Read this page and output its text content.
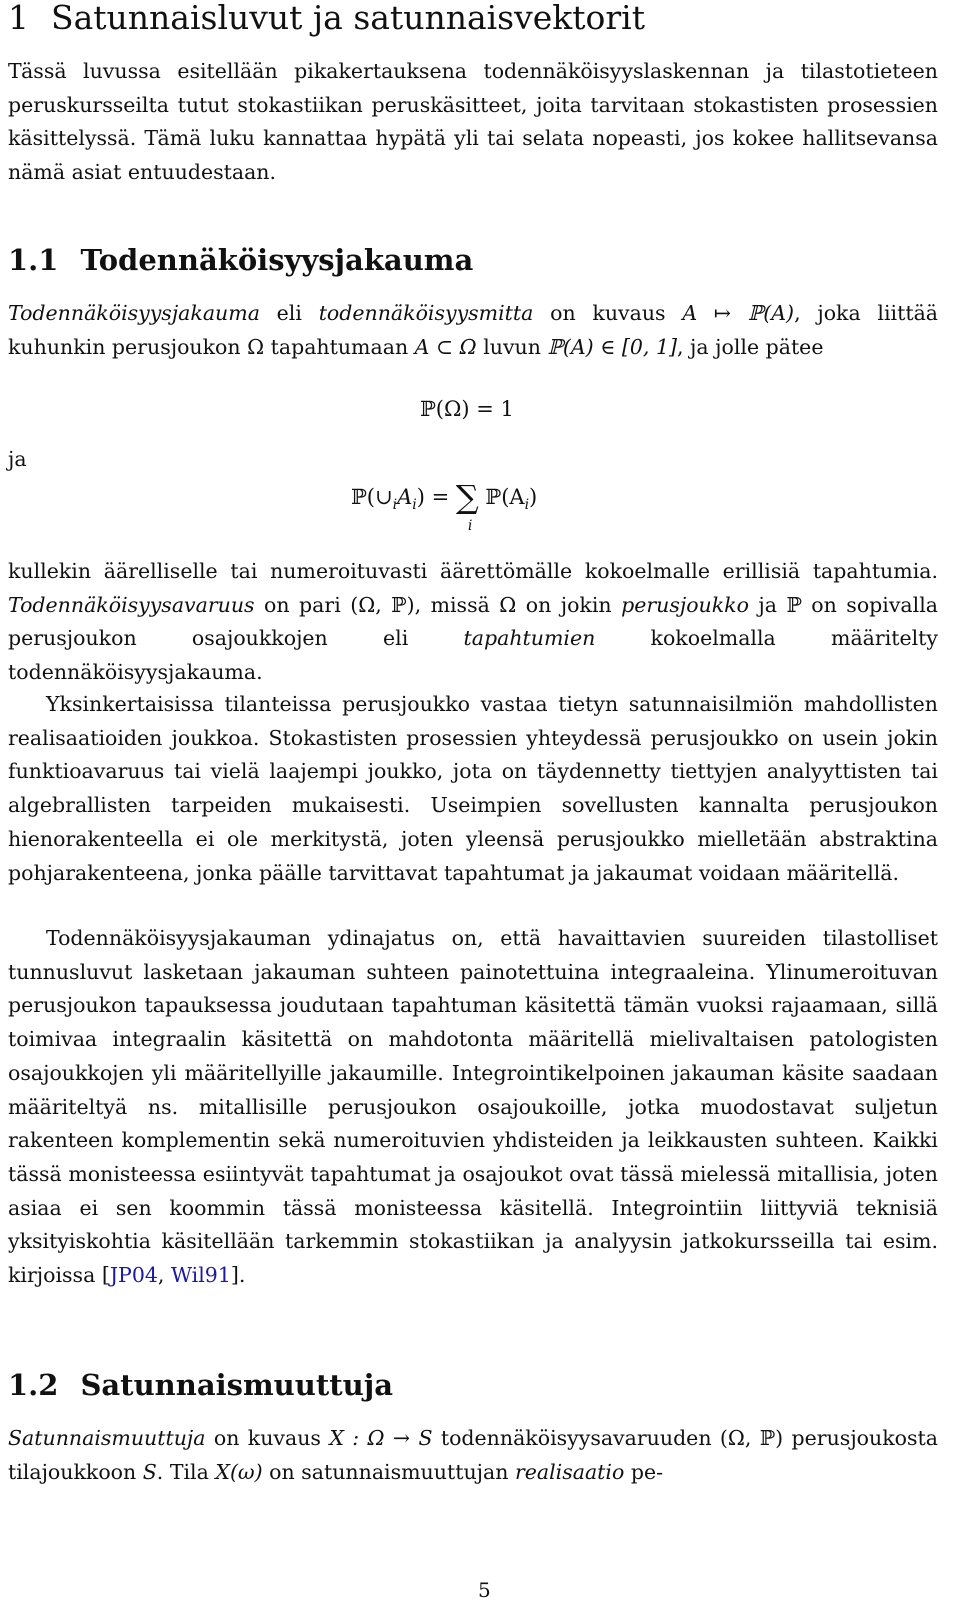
1 Satunnaisluvut ja satunnaisvektorit

Tässä luvussa esitellään pikakertauksena todennäköisyyslaskennan ja tilastotieteen peruskursseilta tutut stokastiikan peruskäsitteet, joita tarvitaan stokastisten prosessien käsittelyssä. Tämä luku kannattaa hypätä yli tai selata nopeasti, jos kokee hallitsevansa nämä asiat entuudestaan.

1.1 Todennäköisyysjakauma

Todennäköisyysjakauma eli todennäköisyysmitta on kuvaus A ↦ ℙ(A), joka liittää kuhunkin perusjoukon Ω tapahtumaan A ⊂ Ω luvun ℙ(A) ∈ [0, 1], ja jolle pätee

ℙ(Ω) = 1
ja
$ℙ(\cup_iA_i)$ = ∑
i
$ℙ(A_i)$

kullekin äärelliselle tai numeroituvasti äärettömälle kokoelmalle erillisiä tapahtumia. Todennäköisyysavaruus on pari (Ω, ℙ), missä Ω on jokin perusjoukko ja ℙ on sopivalla perusjoukon osajoukkojen eli tapahtumien kokoelmalla määritelty todennäköisyysjakauma.

Yksinkertaisissa tilanteissa perusjoukko vastaa tietyn satunnaisilmiön mahdollisten realisaatioiden joukkoa. Stokastisten prosessien yhteydessä perusjoukko on usein jokin funktioavaruus tai vielä laajempi joukko, jota on täydennetty tiettyjen analyyttisten tai algebrallisten tarpeiden mukaisesti. Useimpien sovellusten kannalta perusjoukon hienorakenteella ei ole merkitystä, joten yleensä perusjoukko mielletään abstraktina pohjarakenteena, jonka päälle tarvittavat tapahtumat ja jakaumat voidaan määritellä.

Todennäköisyysjakauman ydinajatus on, että havaittavien suureiden tilastolliset tunnusluvut lasketaan jakauman suhteen painotettuina integraaleina. Ylinumeroituvan perusjoukon tapauksessa joudutaan tapahtuman käsitettä tämän vuoksi rajaamaan, sillä toimivaa integraalin käsitettä on mahdotonta määritellä mielivaltaisen patologisten osajoukkojen yli määritellyille jakaumille. Integrointikelpoinen jakauman käsite saadaan määriteltyä ns. mitallisille perusjoukon osajoukoille, jotka muodostavat suljetun rakenteen komplementin sekä numeroituvien yhdisteiden ja leikkausten suhteen. Kaikki tässä monisteessa esiintyvät tapahtumat ja osajoukot ovat tässä mielessä mitallisia, joten asiaa ei sen koommin tässä monisteessa käsitellä. Integrointiin liittyviä teknisiä yksityiskohtia käsitellään tarkemmin stokastiikan ja analyysin jatkokursseilla tai esim. kirjoissa [JP04, Wil91].

1.2 Satunnaismuuttuja

Satunnaismuuttuja on kuvaus X : Ω → S todennäköisyysavaruuden (Ω, ℙ) perusjoukosta tilajoukkoon S. Tila X(ω) on satunnaismuuttujan realisaatio pe-

5
